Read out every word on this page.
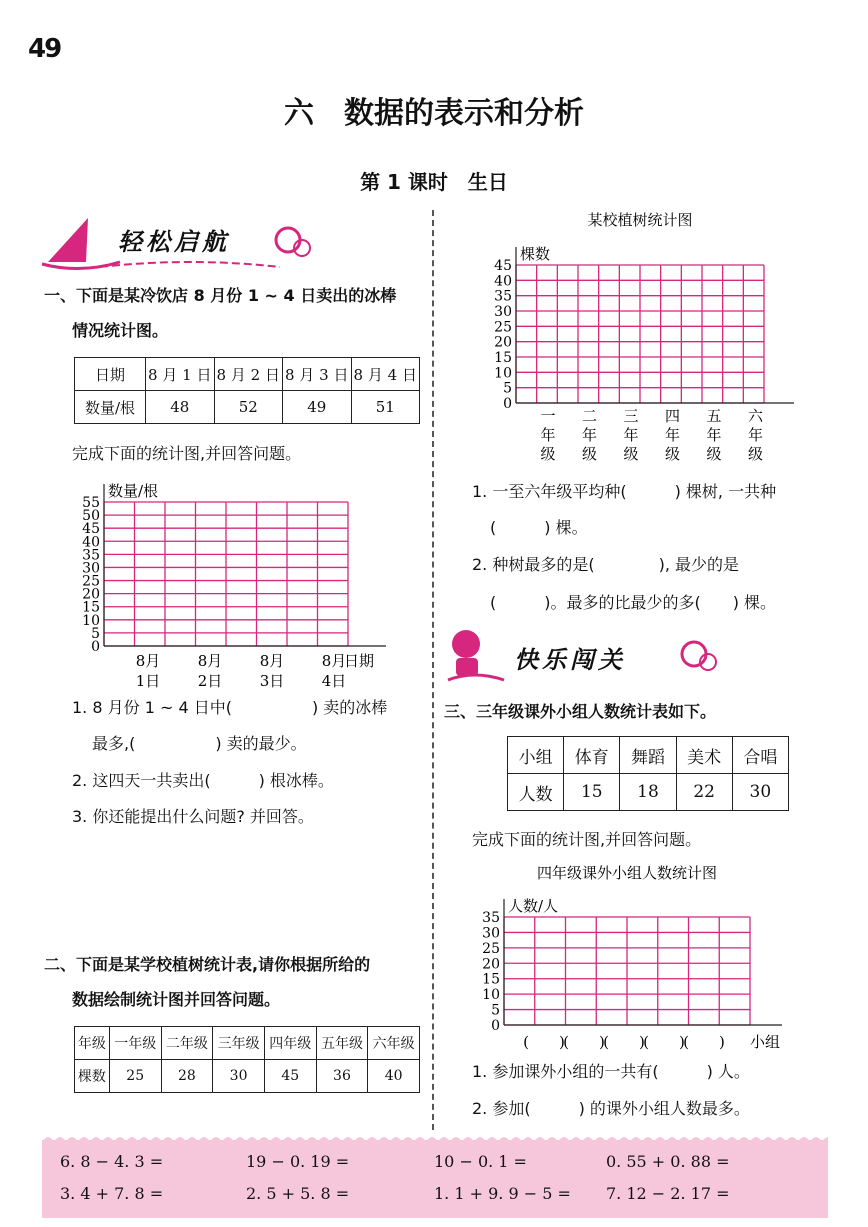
49
六　数据的表示和分析
第 1 课时　生日
轻松启航
一、下面是某冷饮店 8 月份 1 ~ 4 日卖出的冰棒
情况统计图。
日期	8 月 1 日	8 月 2 日	8 月 3 日	8 月 4 日
数量/根	48	52	49	51
完成下面的统计图,并回答问题。
0
5
10
15
20
25
30
35
40
45
50
55
数量/根
8月
1日
8月
2日
8月
3日
8月
4日
日期
1. 8 月份 1 ~ 4 日中(　　　　　) 卖的冰棒
最多,(　　　　　) 卖的最少。
2. 这四天一共卖出(　　　) 根冰棒。
3. 你还能提出什么问题? 并回答。
二、下面是某学校植树统计表,请你根据所给的
数据绘制统计图并回答问题。
年级	一年级	二年级	三年级	四年级	五年级	六年级
棵数	25	28	30	45	36	40
某校植树统计图
0
5
10
15
20
25
30
35
40
45
棵数
一
年
级
二
年
级
三
年
级
四
年
级
五
年
级
六
年
级
1. 一至六年级平均种(　　　) 棵树, 一共种
(　　　) 棵。
2. 种树最多的是(　　　　), 最少的是
(　　　)。最多的比最少的多(　　) 棵。
快乐闯关
三、三年级课外小组人数统计表如下。
小组	体育	舞蹈	美术	合唱
人数	15	18	22	30
完成下面的统计图,并回答问题。
四年级课外小组人数统计图
0
5
10
15
20
25
30
35
人数/人
(　　)
(　　)
(　　)
(　　)
(　　) 小组
1. 参加课外小组的一共有(　　　) 人。
2. 参加(　　　) 的课外小组人数最多。
6. 8 − 4. 3 =	19 − 0. 19 =	10 − 0. 1 =	0. 55 + 0. 88 =
3. 4 + 7. 8 =	2. 5 + 5. 8 =	1. 1 + 9. 9 − 5 = 7. 12 − 2. 17 =
